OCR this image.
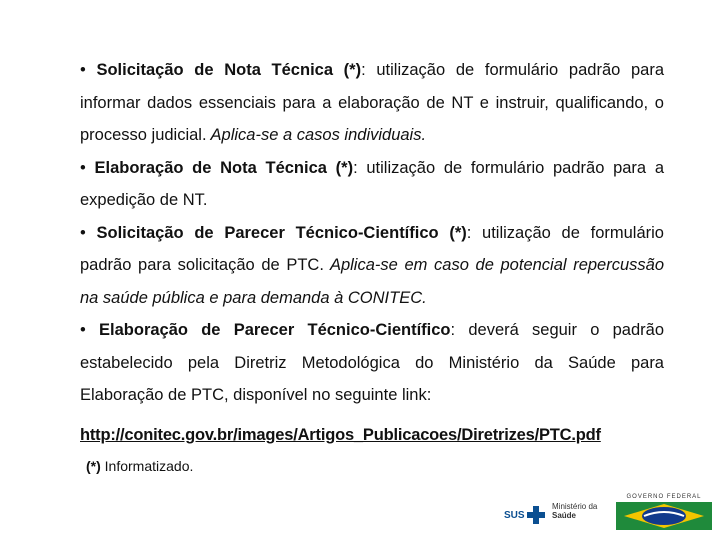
• Solicitação de Nota Técnica (*): utilização de formulário padrão para informar dados essenciais para a elaboração de NT e instruir, qualificando, o processo judicial. Aplica-se a casos individuais.

• Elaboração de Nota Técnica (*): utilização de formulário padrão para a expedição de NT.

• Solicitação de Parecer Técnico-Científico (*): utilização de formulário padrão para solicitação de PTC. Aplica-se em caso de potencial repercussão na saúde pública e para demanda à CONITEC.

• Elaboração de Parecer Técnico-Científico: deverá seguir o padrão estabelecido pela Diretriz Metodológica do Ministério da Saúde para Elaboração de PTC, disponível no seguinte link:

http://conitec.gov.br/images/Artigos_Publicacoes/Diretrizes/PTC.pdf
(*) Informatizado.
SUS
Ministério da
Saúde
GOVERNO FEDERAL
